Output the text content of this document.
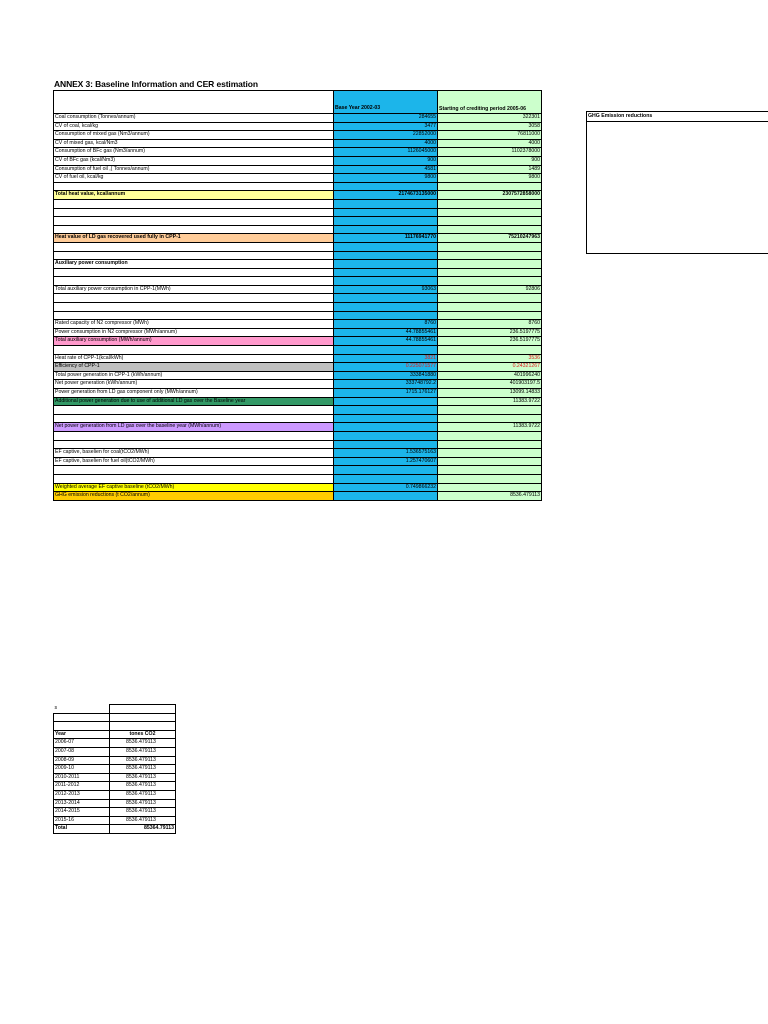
ANNEX 3: Baseline Information and CER estimation
	Base Year 2002-03	Starting of crediting period 2005-06
Coal consumption (Tonnes/annum)	284655	322301
CV of coal, kcal/kg	3477	3058
Consumption of mixed gas (Nm3/annum)	22852000	76811000
CV of mixed gas, kcal/Nm3	4000	4000
Consumption of BFc gas (Nm3/annum)	1126045000	1102378000
CV of BFc gas (kcal/Nm3)	900	900
Consumption of fuel oil ,( Tonnes/annum)	4581	1489
CV of fuel oil, kcal/kg	9800	9800

Total heat value, kcal/annum	2174673135000	2307572858000

Heat value of LD gas recovered used fully in CPP-1	11176941770	75210247963

Auxiliary power consumption		

Total auxiliary power consumption in CPP-1(MWh)	93063	92806

Rated capacity of N2 compressor (MWh)	8760	8760
Power consumption in N2 compressor (MWh/annum)	44.78855461	236.5197775
Total auxiliary consumption (MWh/annum)	44.78855461	236.5197775

Heat rate of CPP-1(kcal/kWh)	3821	3536
Efficiency of CPP-1	0.225071577	0.24321267
Total power generation in CPP-1 (kWh/annum)	333841880	401996240
Net power generation (kWh/annum)	333748792.2	401903197.5
Power generation from LD gas component only (MWh/annum)	1715.176127	13099.14833
Additional power generation due to use of additional LD gas over the Baseline year		11383.9722

Net power generation from LD gas over the baseline year (MWh/annum)		11383.9722

EF captive, baselien for coal(tCO2/MWh)	1.536575163	
EF captive, baselien for fuel oil(tCO2/MWh)	1.257470607	

Weighted average EF captive baseline (tCO2/MWh)	0.749866232	
GHG emission reductions (t CO2/annum)		8536.479113
GHG Emission reductions
s	

Year	tones CO2
2006-07	8536.479113
2007-08	8536.479113
2008-09	8536.479113
2009-10	8536.479113
2010-2011	8536.479113
2011-2012	8536.479113
2012-2013	8536.479113
2013-2014	8536.479113
2014-2015	8536.479113
2015-16	8536.479113
Total	85364.79113
